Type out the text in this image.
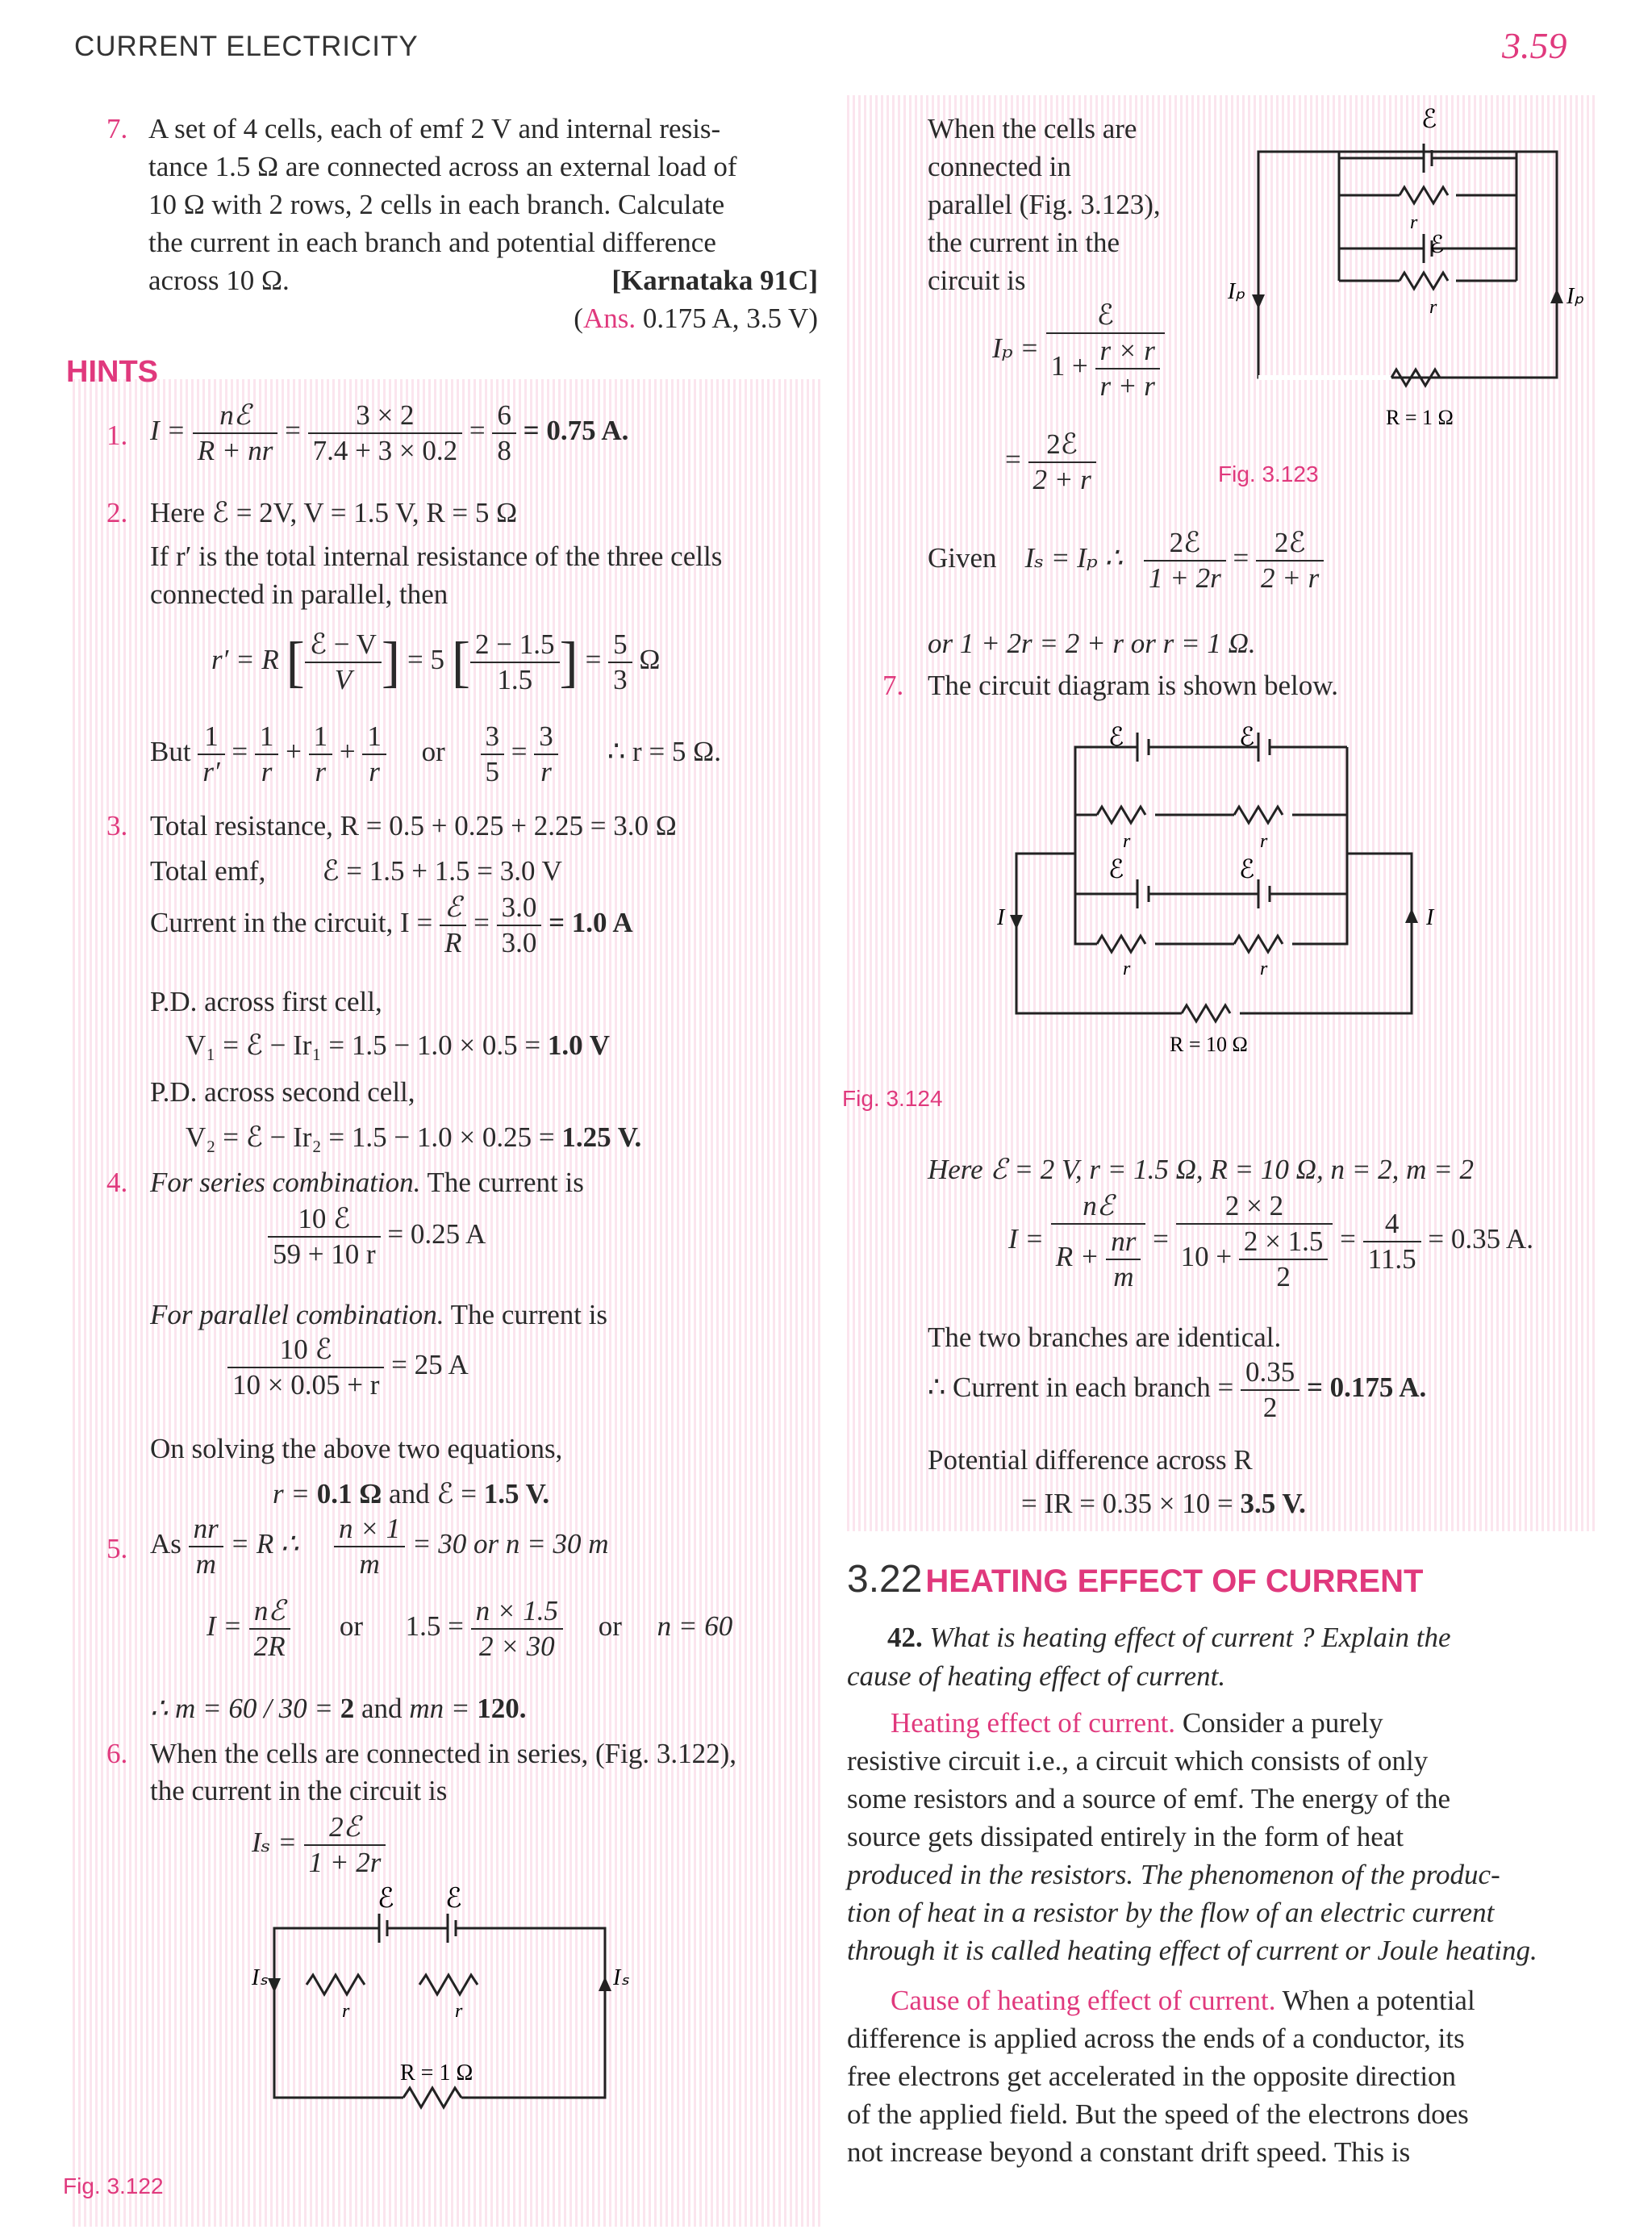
CURRENT ELECTRICITY	3.59
7. A set of 4 cells, each of emf 2 V and internal resis-
tance 1.5 Ω are connected across an external load of
10 Ω with 2 rows, 2 cells in each branch. Calculate
the current in each branch and potential difference
across 10 Ω.	[Karnataka 91C]
(Ans. 0.175 A, 3.5 V)
HINTS
1. $I = \frac{\text{nℰ}}{R + nr} = \frac{3 \times 2}{7.4 + 3 \times 0.2} = \frac{6}{8} = 0.75$ A.
2. Here ℰ = 2V, V = 1.5 V, R = 5 Ω
If r′ is the total internal resistance of the three cells
connected in parallel, then
r′ = R [ $\frac{\text{ℰ − V}}{V}$ ] = 5 [ $\frac{2 - 1.5}{1.5}$ ] = $\frac{5}{3}$ Ω
But $\frac{1}{r'} = \frac{1}{r} + \frac{1}{r} + \frac{1}{r}$ or $\frac{3}{5} = \frac{3}{r}$ ∴ r = 5 Ω.
3. Total resistance, R = 0.5 + 0.25 + 2.25 = 3.0 Ω
Total emf, ℰ = 1.5 + 1.5 = 3.0 V
Current in the circuit, $I = \frac{\text{ℰ}}{R} = \frac{3.0}{3.0} = 1.0$ A
P.D. across first cell,
V₁ = ℰ − Ir₁ = 1.5 − 1.0 × 0.5 = 1.0 V
P.D. across second cell,
V₂ = ℰ − Ir₂ = 1.5 − 1.0 × 0.25 = 1.25 V.
4. For series combination. The current is
$\frac{\text{10 ℰ}}{59 + 10 r} = 0.25$ A
For parallel combination. The current is
$\frac{\text{10 ℰ}}{10 \times 0.05 + r} = 25$ A
On solving the above two equations,
r = 0.1 Ω and ℰ = 1.5 V.
5. As $\frac{nr}{m} = R$ ∴ $\frac{n \times 1}{m} = 30$ or n = 30 m
$I = \frac{\text{nℰ}}{2R}$ or $1.5 = \frac{n \times 1.5}{2 \times 30}$ or n = 60
∴ m = 60 / 30 = 2 and mn = 120.
6. When the cells are connected in series, (Fig. 3.122),
the current in the circuit is
$I_s = \frac{\text{2ℰ}}{1 + 2r}$
ℰ ℰ
r	r
R = 1 Ω
Iₛ	Iₛ
Fig. 3.122
When the cells are
connected in
parallel (Fig. 3.123),
the current in the
circuit is
$I_p = \frac{\text{ℰ}}{1 + \frac{r \times r}{r + r}}$
= $\frac{\text{2ℰ}}{2 + r}$
Given Iₛ = Iₚ ∴ $\frac{\text{2ℰ}}{1 + 2r} = \frac{\text{2ℰ}}{2 + r}$
or 1 + 2r = 2 + r or r = 1 Ω.
7. The circuit diagram is shown below.
ℰ
r
ℰ
r
R = 1 Ω
Iₚ	Iₚ
Fig. 3.123
ℰ	ℰ
r	r
ℰ	ℰ
r	r
R = 10 Ω
I	I
Fig. 3.124
Here ℰ = 2 V, r = 1.5 Ω, R = 10 Ω, n = 2, m = 2
$I = \frac{\text{nℰ}}{R + \frac{nr}{m}} = \frac{2 \times 2}{10 + \frac{2 \times 1.5}{2}} = \frac{4}{11.5} = 0.35$ A.
The two branches are identical.
∴ Current in each branch = $\frac{0.35}{2} = 0.175$ A.
Potential difference across R
= IR = 0.35 × 10 = 3.5 V.
3.22 HEATING EFFECT OF CURRENT
42. What is heating effect of current ? Explain the
cause of heating effect of current.
Heating effect of current. Consider a purely
resistive circuit i.e., a circuit which consists of only
some resistors and a source of emf. The energy of the
source gets dissipated entirely in the form of heat
produced in the resistors. The phenomenon of the produc-
tion of heat in a resistor by the flow of an electric current
through it is called heating effect of current or Joule heating.
Cause of heating effect of current. When a potential
difference is applied across the ends of a conductor, its
free electrons get accelerated in the opposite direction
of the applied field. But the speed of the electrons does
not increase beyond a constant drift speed. This is
